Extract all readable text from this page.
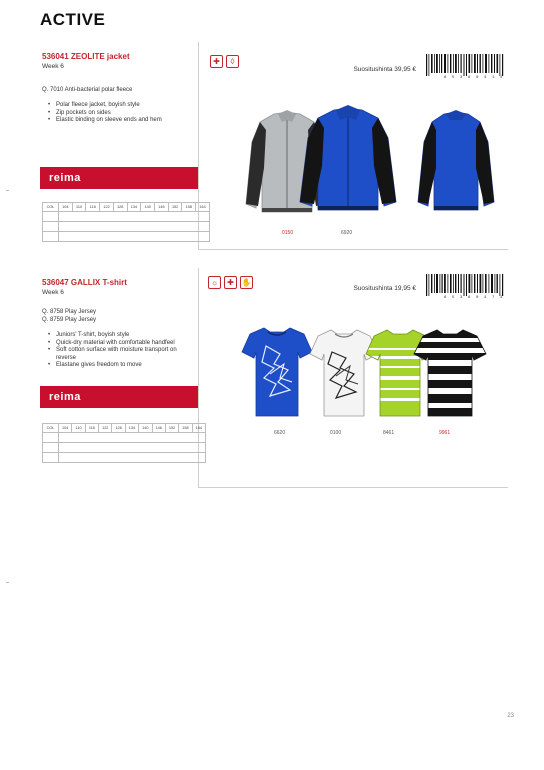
ACTIVE
536041 ZEOLITE jacket
Week 6
Q. 7010 Anti-bacterial polar fleece
• Polar fleece jacket, boyish style
• Zip pockets on sides
• Elastic binding on sleeve ends and hem
reima
COL	104	110	116	122	128	134	140	146	152	158	164

✚	◊
Suositushinta 39,95 €
6 5 3 6 0 4 1 4
0150	6920
536047 GALLIX T-shirt
Week 6
Q. 8758 Play Jersey
Q. 8759 Play Jersey
• Juniors' T-shirt, boyish style
• Quick-dry material with comfortable handfeel
• Soft cotton surface with moisture transport on reverse
• Elastane gives freedom to move
reima
COL	104	110	116	122	128	134	140	146	152	158	164

☼	✚ ✋
Suositushinta 19,95 €
6 5 3 6 0 4 7 4
6620	0100	8461	9961
23
